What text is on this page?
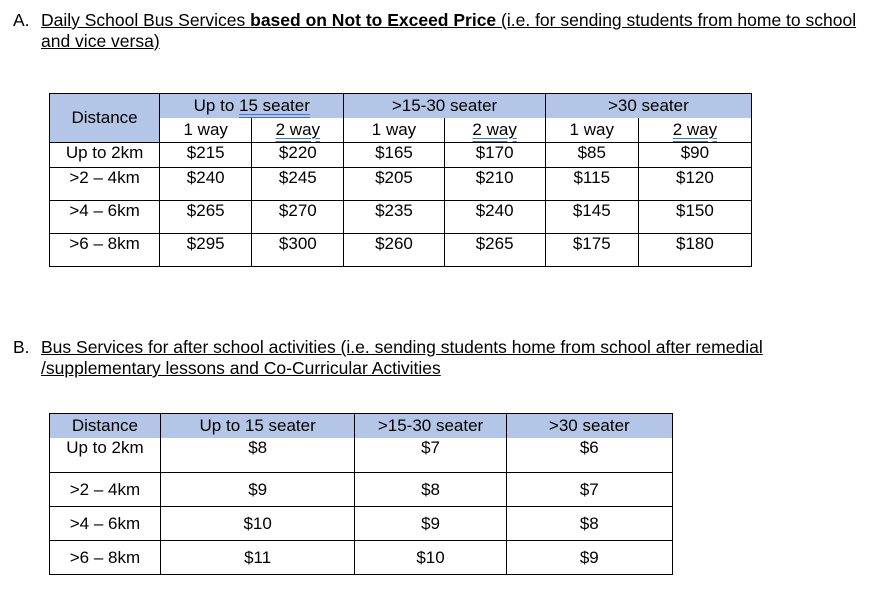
A. Daily School Bus Services based on Not to Exceed Price (i.e. for sending students from home to school and vice versa)
Distance	Up to 15 seater		>15-30 seater		>30 seater	
	1 way	2 way	1 way	2 way	1 way	2 way
Up to 2km	$215	$220	$165	$170	$85	$90
>2 – 4km	$240	$245	$205	$210	$115	$120
>4 – 6km	$265	$270	$235	$240	$145	$150
>6 – 8km	$295	$300	$260	$265	$175	$180
B. Bus Services for after school activities (i.e. sending students home from school after remedial /supplementary lessons and Co-Curricular Activities
Distance	Up to 15 seater	>15-30 seater	>30 seater
Up to 2km	$8	$7	$6
>2 – 4km	$9	$8	$7
>4 – 6km	$10	$9	$8
>6 – 8km	$11	$10	$9
